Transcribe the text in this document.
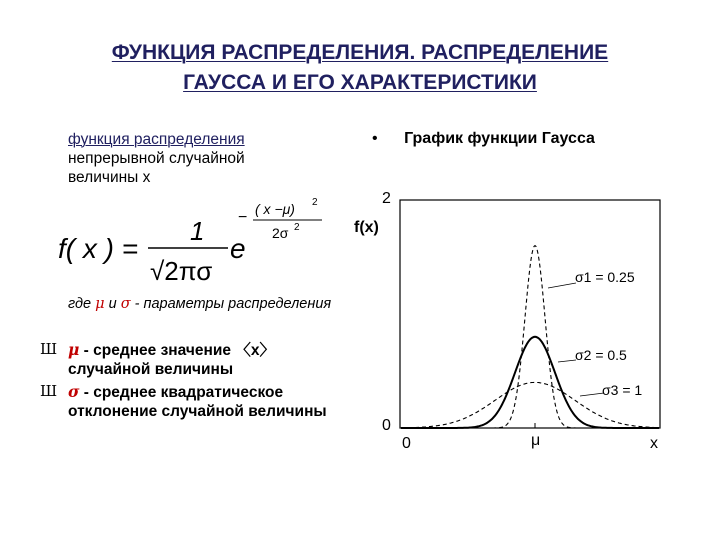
ФУНКЦИЯ РАСПРЕДЕЛЕНИЯ. РАСПРЕДЕЛЕНИЕ
ГАУССА И ЕГО ХАРАКТЕРИСТИКИ
функция распределения
непрерывной случайной
величины x
f( x ) =
1
√2πσ
e
− ( x −μ) 2
2σ 2
где μ и σ - параметры распределения
Ш μ - среднее значение 〈x〉 случайной величины
Ш σ - среднее квадратическое отклонение случайной величины
• График функции Гаусса
f(x)
2
0
0	μ	x
σ1 = 0.25
σ2 = 0.5
σ3 = 1
